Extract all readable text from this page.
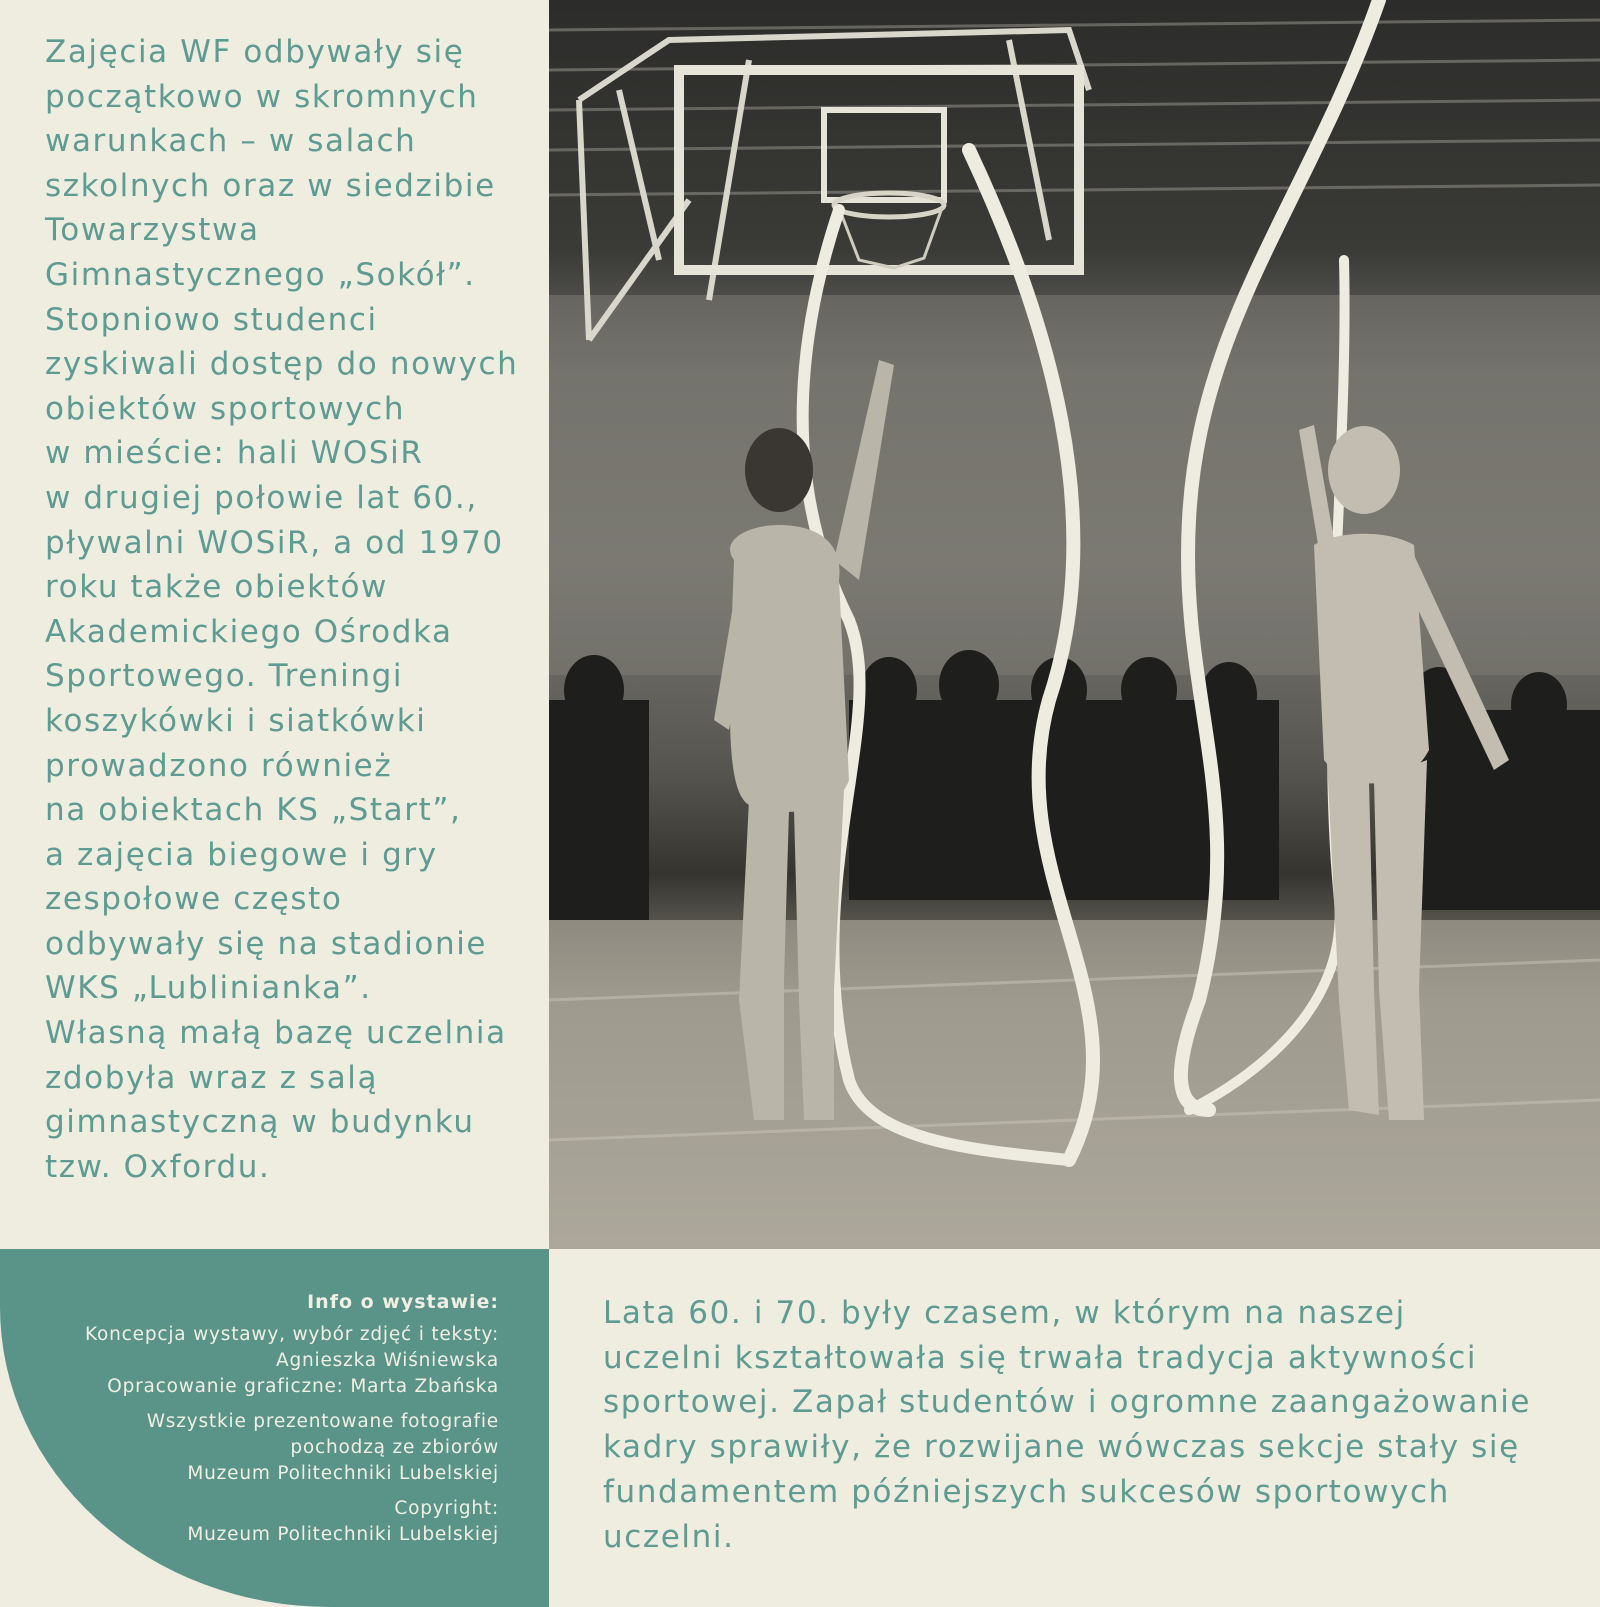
Zajęcia WF odbywały się
początkowo w skromnych
warunkach – w salach
szkolnych oraz w siedzibie
Towarzystwa
Gimnastycznego „Sokół”.
Stopniowo studenci
zyskiwali dostęp do nowych
obiektów sportowych
w mieście: hali WOSiR
w drugiej połowie lat 60.,
pływalni WOSiR, a od 1970
roku także obiektów
Akademickiego Ośrodka
Sportowego. Treningi
koszykówki i siatkówki
prowadzono również
na obiektach KS „Start”,
a zajęcia biegowe i gry
zespołowe często
odbywały się na stadionie
WKS „Lublinianka”.
Własną małą bazę uczelnia
zdobyła wraz z salą
gimnastyczną w budynku
tzw. Oxfordu.

Info o wystawie:
Koncepcja wystawy, wybór zdjęć i teksty:
Agnieszka Wiśniewska
Opracowanie graficzne: Marta Zbańska
Wszystkie prezentowane fotografie
pochodzą ze zbiorów
Muzeum Politechniki Lubelskiej
Copyright:
Muzeum Politechniki Lubelskiej

Lata 60. i 70. były czasem, w którym na naszej
uczelni kształtowała się trwała tradycja aktywności
sportowej. Zapał studentów i ogromne zaangażowanie
kadry sprawiły, że rozwijane wówczas sekcje stały się
fundamentem późniejszych sukcesów sportowych
uczelni.
